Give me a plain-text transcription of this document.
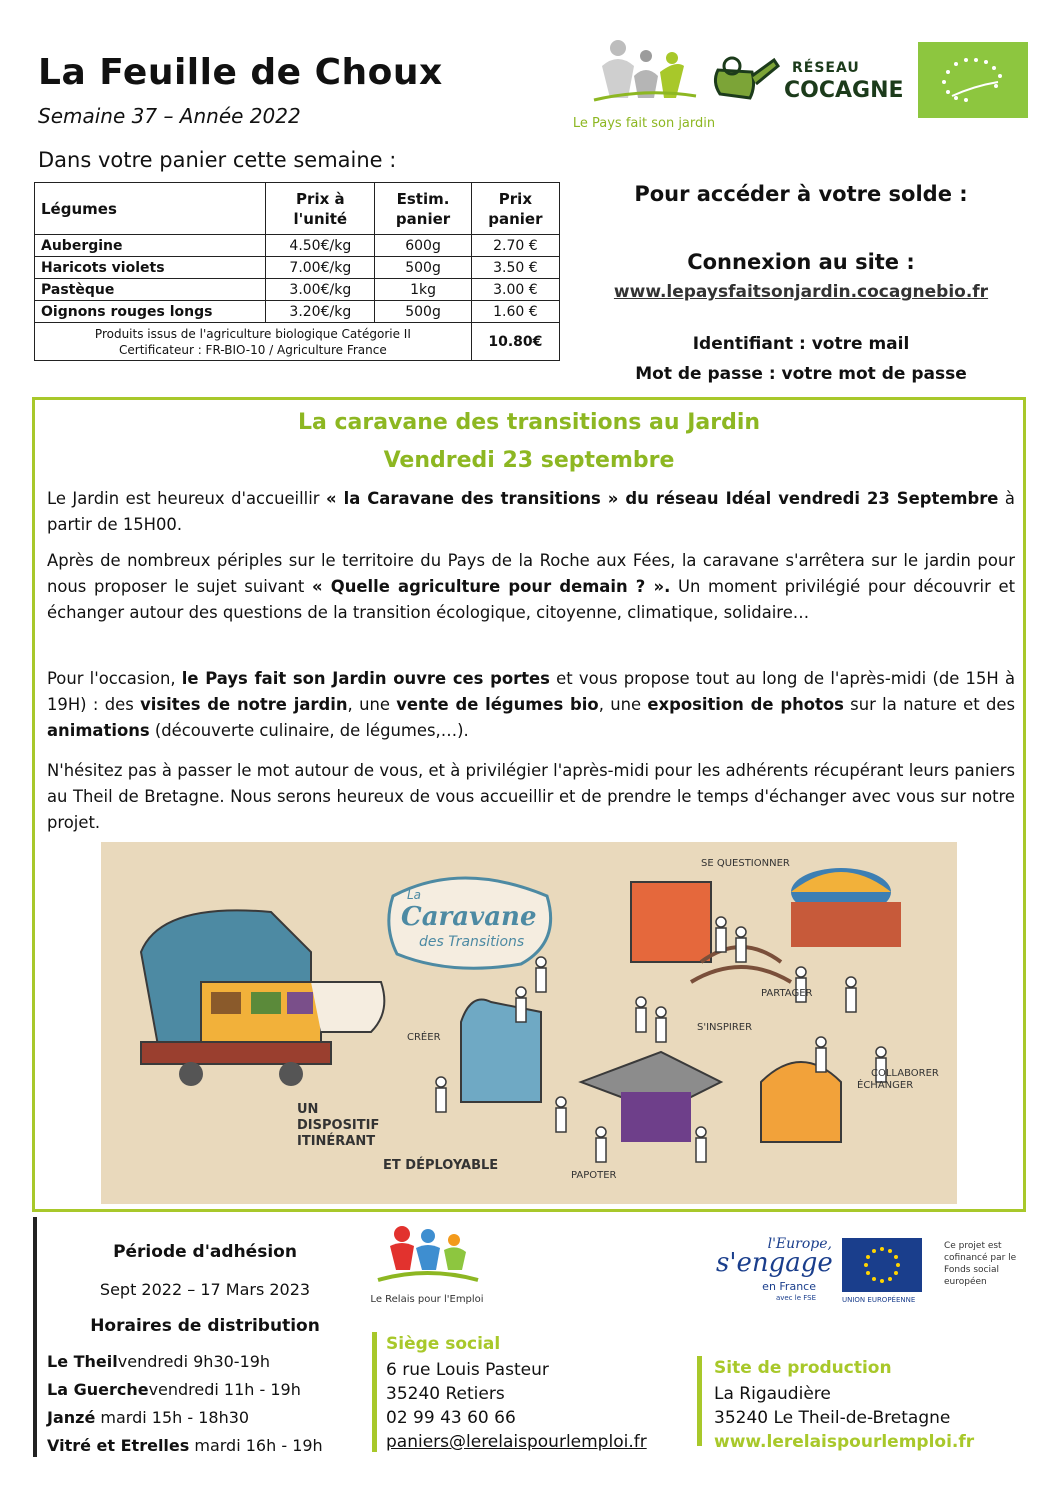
La Feuille de Choux
Semaine 37 – Année 2022	Le Pays fait son jardin
RÉSEAU
COCAGNE
Dans votre panier cette semaine :
Légumes	Prix à l'unité	Estim. panier	Prix panier
Aubergine	4.50€/kg	600g	2.70 €
Haricots violets	7.00€/kg	500g	3.50 €
Pastèque	3.00€/kg	1kg	3.00 €
Oignons rouges longs	3.20€/kg	500g	1.60 €

Produits issus de l'agriculture biologique Catégorie II
Certificateur : FR-BIO-10 / Agriculture France			10.80€
Pour accéder à votre solde :
Connexion au site :
www.lepaysfaitsonjardin.cocagnebio.fr
Identifiant : votre mail
Mot de passe : votre mot de passe
La caravane des transitions au Jardin
Vendredi 23 septembre
Le Jardin est heureux d'accueillir « la Caravane des transitions » du réseau Idéal vendredi 23 Septembre à partir de 15H00.
Après de nombreux périples sur le territoire du Pays de la Roche aux Fées, la caravane s'arrêtera sur le jardin pour nous proposer le sujet suivant « Quelle agriculture pour demain ? ». Un moment privilégié pour découvrir et échanger autour des questions de la transition écologique, citoyenne, climatique, solidaire…
Pour l'occasion, le Pays fait son Jardin ouvre ces portes et vous propose tout au long de l'après-midi (de 15H à 19H) : des visites de notre jardin, une vente de légumes bio, une exposition de photos sur la nature et des animations (découverte culinaire, de légumes,…).
N'hésitez pas à passer le mot autour de vous, et à privilégier l'après-midi pour les adhérents récupérant leurs paniers au Theil de Bretagne. Nous serons heureux de vous accueillir et de prendre le temps d'échanger avec vous sur notre projet.
La
Caravane
des Transitions
SE QUESTIONNER
PARTAGER
S'INSPIRER
COLLABORER
CRÉER
ÉCHANGER
UN DISPOSITIF ITINÉRANT
ET DÉPLOYABLE
PAPOTER
Période d'adhésion
Sept 2022 – 17 Mars 2023
Horaires de distribution
Le Theilvendredi 9h30-19h
La Guerchevendredi 11h - 19h
Janzé mardi 15h - 18h30
Vitré et Etrelles mardi 16h - 19h
Le Relais pour l'Emploi
l'Europe,
s'engage
en France
avec le FSE	UNION EUROPÉENNE
Ce projet est cofinancé par le Fonds social européen
Siège social
6 rue Louis Pasteur
35240 Retiers
02 99 43 60 66
paniers@lerelaispourlemploi.fr
Site de production
La Rigaudière
35240 Le Theil-de-Bretagne
www.lerelaispourlemploi.fr
